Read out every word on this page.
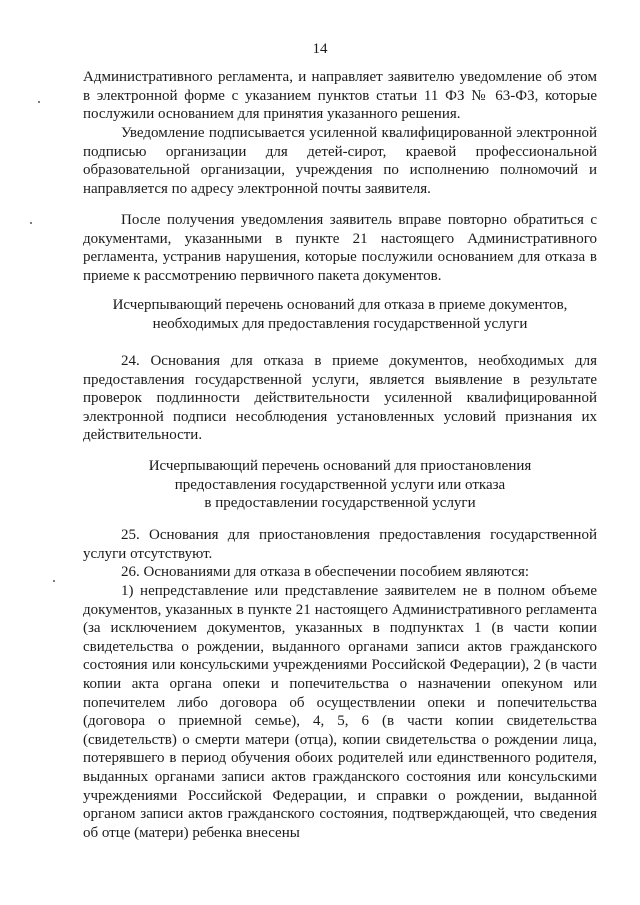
14

Административного регламента, и направляет заявителю уведомление об этом в электронной форме с указанием пунктов статьи 11 ФЗ № 63-ФЗ, которые послужили основанием для принятия указанного решения.

Уведомление подписывается усиленной квалифицированной электронной подписью организации для детей-сирот, краевой профессиональной образовательной организации, учреждения по исполнению полномочий и направляется по адресу электронной почты заявителя.

После получения уведомления заявитель вправе повторно обратиться с документами, указанными в пункте 21 настоящего Административного регламента, устранив нарушения, которые послужили основанием для отказа в приеме к рассмотрению первичного пакета документов.

Исчерпывающий перечень оснований для отказа в приеме документов,
необходимых для предоставления государственной услуги

24. Основания для отказа в приеме документов, необходимых для предоставления государственной услуги, является выявление в результате проверок подлинности действительности усиленной квалифицированной электронной подписи несоблюдения установленных условий признания их действительности.

Исчерпывающий перечень оснований для приостановления
предоставления государственной услуги или отказа
в предоставлении государственной услуги

25. Основания для приостановления предоставления государственной услуги отсутствуют.

26. Основаниями для отказа в обеспечении пособием являются:

1) непредставление или представление заявителем не в полном объеме документов, указанных в пункте 21 настоящего Административного регламента (за исключением документов, указанных в подпунктах 1 (в части копии свидетельства о рождении, выданного органами записи актов гражданского состояния или консульскими учреждениями Российской Федерации), 2 (в части копии акта органа опеки и попечительства о назначении опекуном или попечителем либо договора об осуществлении опеки и попечительства (договора о приемной семье), 4, 5, 6 (в части копии свидетельства (свидетельств) о смерти матери (отца), копии свидетельства о рождении лица, потерявшего в период обучения обоих родителей или единственного родителя, выданных органами записи актов гражданского состояния или консульскими учреждениями Российской Федерации, и справки о рождении, выданной органом записи актов гражданского состояния, подтверждающей, что сведения об отце (матери) ребенка внесены
